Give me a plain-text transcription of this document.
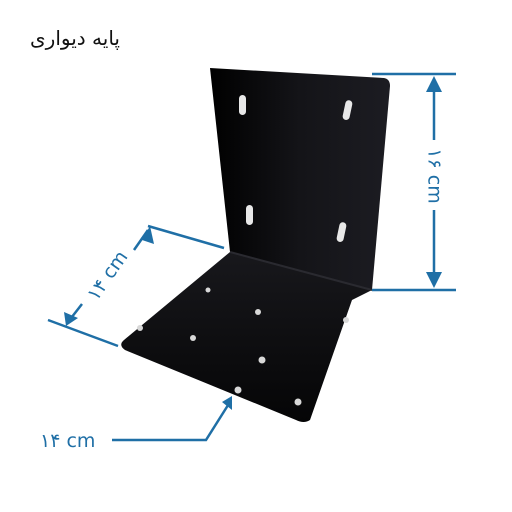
پایه دیواری
۱۶ cm
۱۴ cm
۱۴ cm
